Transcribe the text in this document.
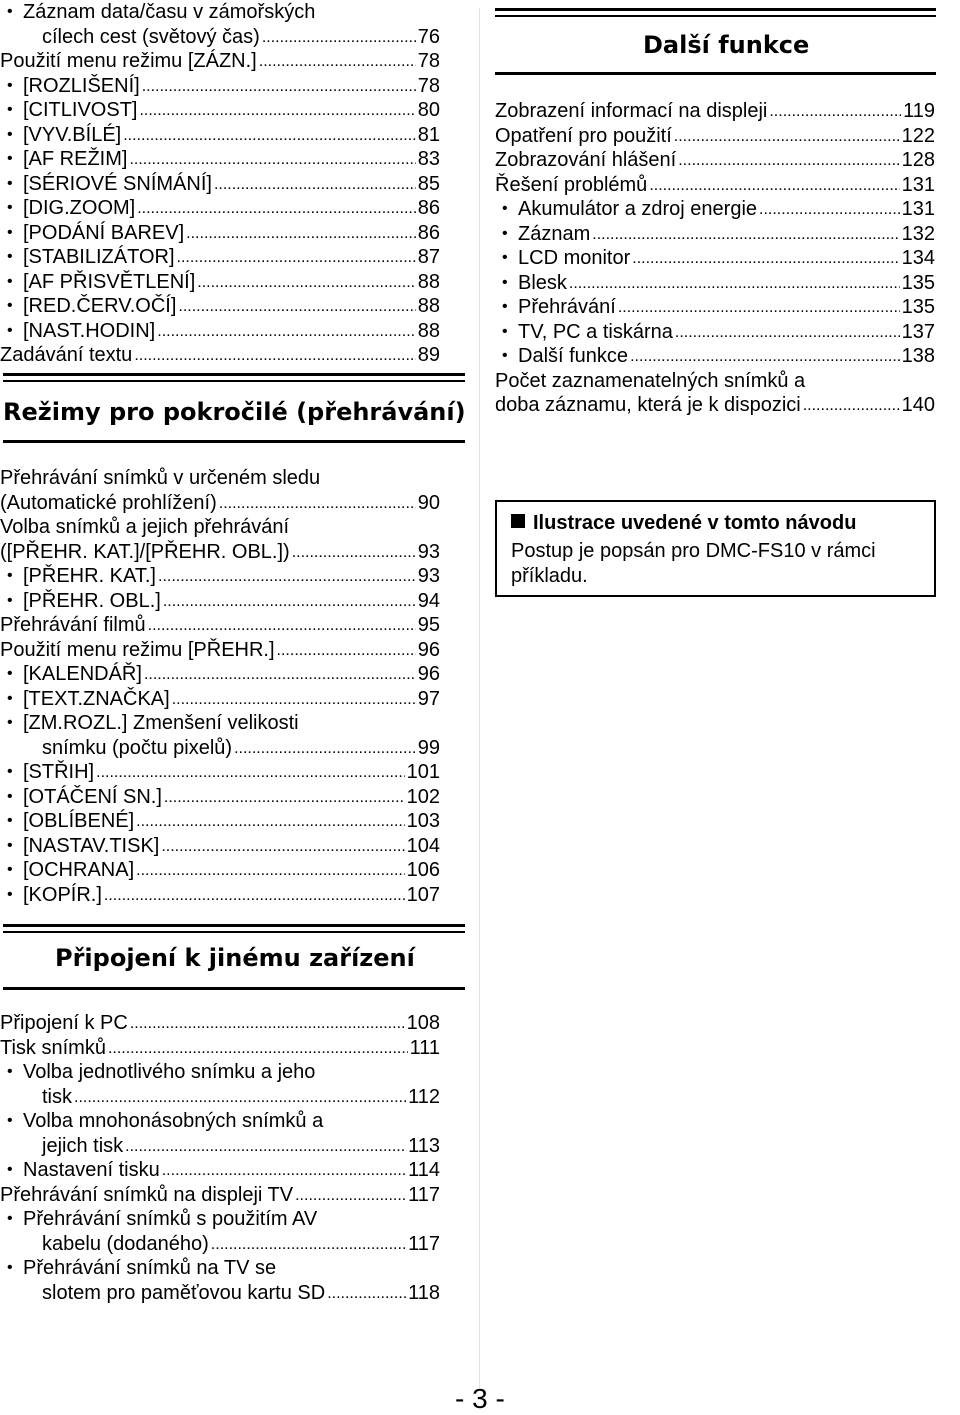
• Záznam data/času v zámořských
cílech cest (světový čas) .....	76
Použití menu režimu [ZÁZN.] .....	78
• [ROZLIŠENÍ] .....	78
• [CITLIVOST] .....	80
• [VYV.BÍLÉ] .....	81
• [AF REŽIM] .....	83
• [SÉRIOVÉ SNÍMÁNÍ] .....	85
• [DIG.ZOOM] .....	86
• [PODÁNÍ BAREV] .....	86
• [STABILIZÁTOR] .....	87
• [AF PŘISVĚTLENÍ] .....	88
• [RED.ČERV.OČÍ] .....	88
• [NAST.HODIN] .....	88
Zadávání textu .....	89
Režimy pro pokročilé (přehrávání)
Přehrávání snímků v určeném sledu
(Automatické prohlížení) .....	90
Volba snímků a jejich přehrávání
([PŘEHR. KAT.]/[PŘEHR. OBL.]) .....	93
• [PŘEHR. KAT.] .....	93
• [PŘEHR. OBL.] .....	94
Přehrávání filmů .....	95
Použití menu režimu [PŘEHR.] .....	96
• [KALENDÁŘ] .....	96
• [TEXT.ZNAČKA] .....	97
• [ZM.ROZL.] Zmenšení velikosti
snímku (počtu pixelů) .....	99
• [STŘIH] .....	101
• [OTÁČENÍ SN.] .....	102
• [OBLÍBENÉ] .....	103
• [NASTAV.TISK] .....	104
• [OCHRANA] .....	106
• [KOPÍR.] .....	107
Připojení k jinému zařízení
Připojení k PC .....	108
Tisk snímků .....	111
• Volba jednotlivého snímku a jeho
tisk .....	112
• Volba mnohonásobných snímků a
jejich tisk .....	113
• Nastavení tisku .....	114
Přehrávání snímků na displeji TV .....	117
• Přehrávání snímků s použitím AV
kabelu (dodaného) .....	117
• Přehrávání snímků na TV se
slotem pro paměťovou kartu SD .....	118
Další funkce
Zobrazení informací na displeji .....	119
Opatření pro použití .....	122
Zobrazování hlášení .....	128
Řešení problémů .....	131
• Akumulátor a zdroj energie .....	131
• Záznam .....	132
• LCD monitor .....	134
• Blesk .....	135
• Přehrávání .....	135
• TV, PC a tiskárna .....	137
• Další funkce .....	138
Počet zaznamenatelných snímků a
doba záznamu, která je k dispozici .....	140
Ilustrace uvedené v tomto návodu
Postup je popsán pro DMC-FS10 v rámci příkladu.
- 3 -
